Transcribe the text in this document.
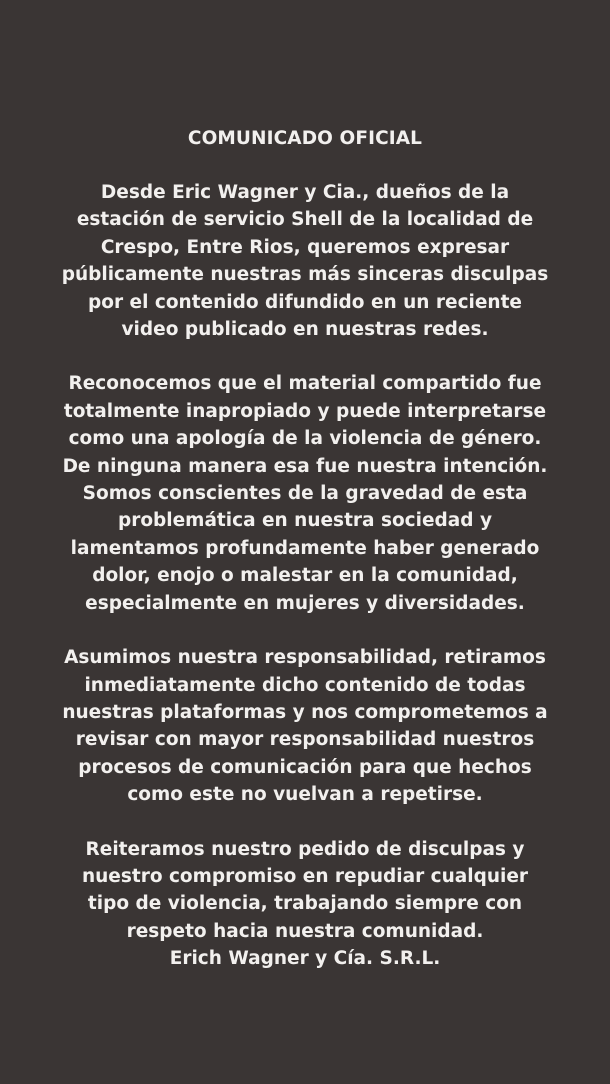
COMUNICADO OFICIAL

Desde Eric Wagner y Cia., dueños de la
estación de servicio Shell de la localidad de
Crespo, Entre Rios, queremos expresar
públicamente nuestras más sinceras disculpas
por el contenido difundido en un reciente
video publicado en nuestras redes.

Reconocemos que el material compartido fue
totalmente inapropiado y puede interpretarse
como una apología de la violencia de género.
De ninguna manera esa fue nuestra intención.
Somos conscientes de la gravedad de esta
problemática en nuestra sociedad y
lamentamos profundamente haber generado
dolor, enojo o malestar en la comunidad,
especialmente en mujeres y diversidades.

Asumimos nuestra responsabilidad, retiramos
inmediatamente dicho contenido de todas
nuestras plataformas y nos comprometemos a
revisar con mayor responsabilidad nuestros
procesos de comunicación para que hechos
como este no vuelvan a repetirse.

Reiteramos nuestro pedido de disculpas y
nuestro compromiso en repudiar cualquier
tipo de violencia, trabajando siempre con
respeto hacia nuestra comunidad.
Erich Wagner y Cía. S.R.L.
